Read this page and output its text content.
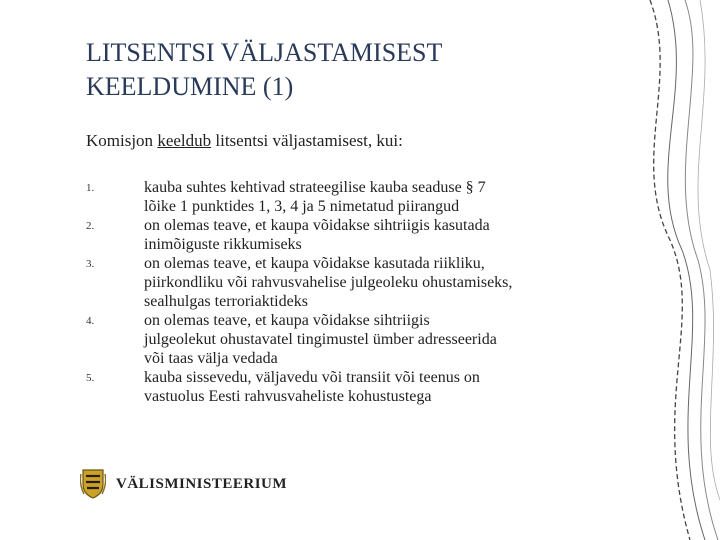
LITSENTSI VÄLJASTAMISEST
KEELDUMINE (1)
Komisjon keeldub litsentsi väljastamisest, kui:
1.	kauba suhtes kehtivad strateegilise kauba seaduse § 7
lõike 1 punktides 1, 3, 4 ja 5 nimetatud piirangud
2.	on olemas teave, et kaupa võidakse sihtriigis kasutada
inimõiguste rikkumiseks
3.	on olemas teave, et kaupa võidakse kasutada riikliku,
piirkondliku või rahvusvahelise julgeoleku ohustamiseks,
sealhulgas terroriaktideks
4.	on olemas teave, et kaupa võidakse sihtriigis
julgeolekut ohustavatel tingimustel ümber adresseerida
või taas välja vedada
5.	kauba sissevedu, väljavedu või transiit või teenus on
vastuolus Eesti rahvusvaheliste kohustustega
VÄLISMINISTEERIUM
